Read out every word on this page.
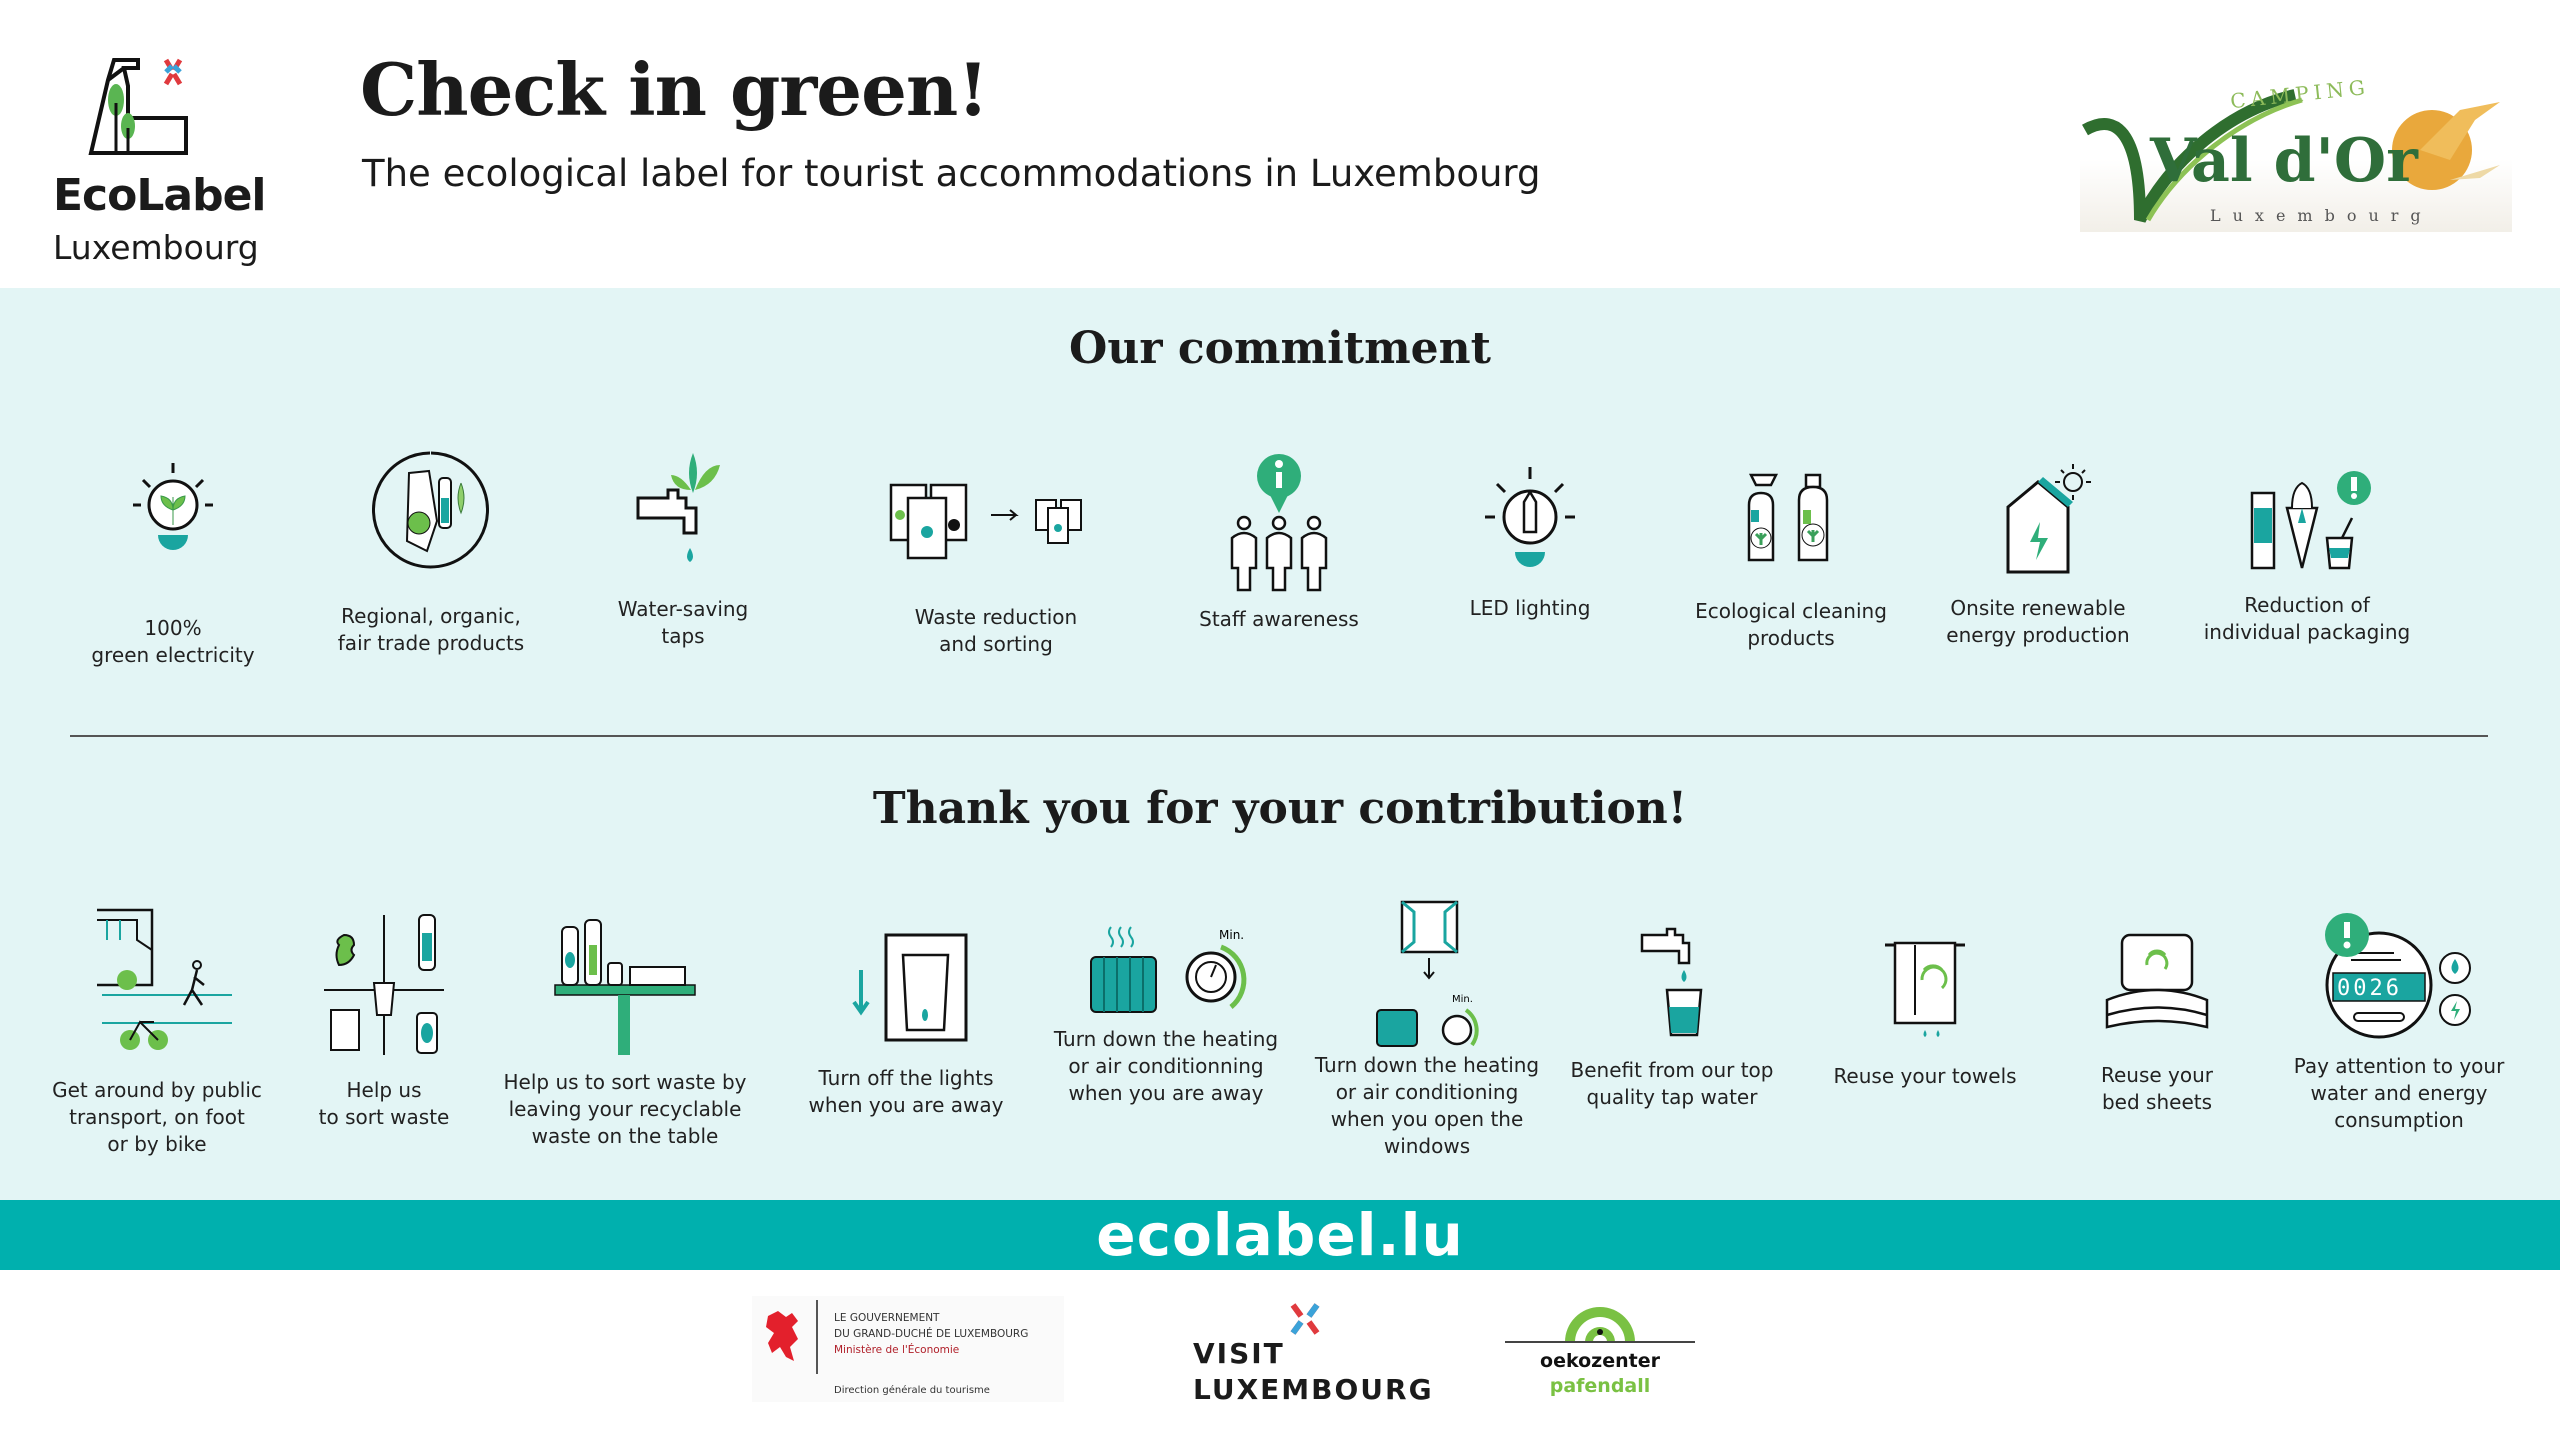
EcoLabel
Luxembourg
Check in green!
The ecological label for tourist accommodations in Luxembourg
CAMPING
Val d'Or
Luxembourg
Our commitment
Thank you for your contribution!
100%
green electricity
Regional, organic,
fair trade products
Water-saving
taps
Waste reduction
and sorting
Staff awareness	LED lighting	Ecological cleaning
products
Onsite renewable
energy production
Reduction of
individual packaging
Get around by public
transport, on foot
or by bike
Help us
to sort waste
Help us to sort waste by
leaving your recyclable
waste on the table
Turn off the lights
when you are away
Min.
Turn down the heating
or air conditionning
when you are away
Min.
Turn down the heating
or air conditioning
when you open the
windows
Benefit from our top
quality tap water
Reuse your towels	Reuse your
bed sheets
0026
Pay attention to your
water and energy
consumption
ecolabel.lu
LE GOUVERNEMENT
DU GRAND-DUCHÉ DE LUXEMBOURG
Ministère de l'Économie
Direction générale du tourisme
VISIT
LUXEMBOURG
oekozenter
pafendall
